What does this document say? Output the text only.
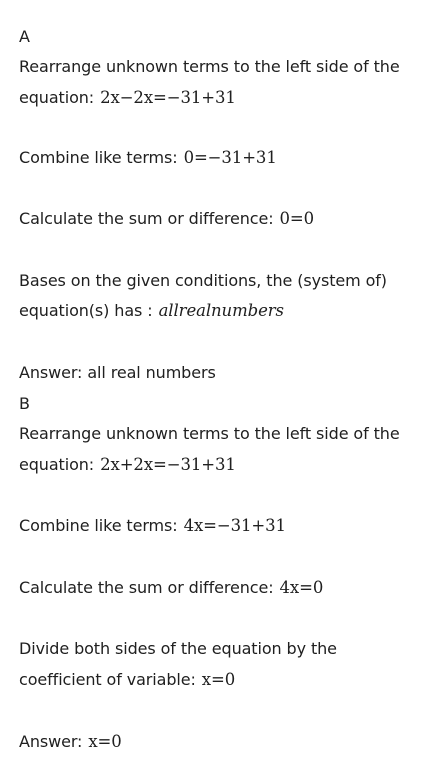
A
Rearrange unknown terms to the left side of the
equation: 2x−2x=−31+31
Combine like terms: 0=−31+31
Calculate the sum or difference: 0=0
Bases on the given conditions, the (system of)
equation(s) has : allrealnumbers
Answer: all real numbers
B
Rearrange unknown terms to the left side of the
equation: 2x+2x=−31+31
Combine like terms: 4x=−31+31
Calculate the sum or difference: 4x=0
Divide both sides of the equation by the
coefficient of variable: x=0
Answer: x=0
